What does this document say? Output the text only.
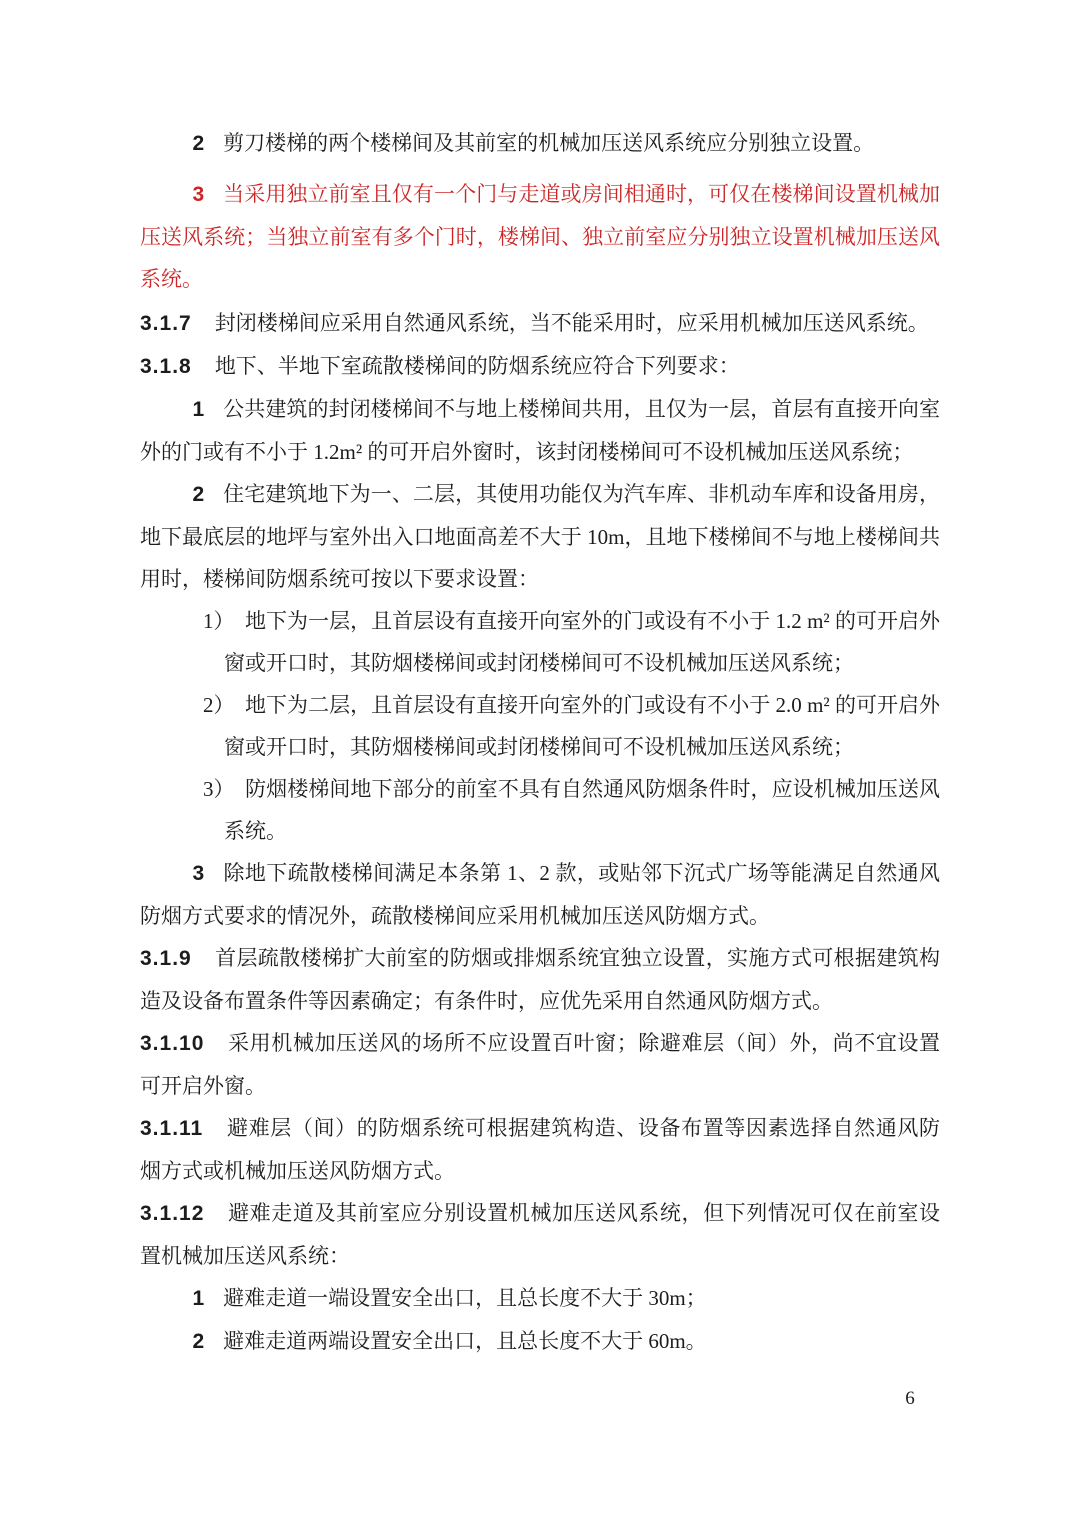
2 剪刀楼梯的两个楼梯间及其前室的机械加压送风系统应分别独立设置。

3 当采用独立前室且仅有一个门与走道或房间相通时，可仅在楼梯间设置机械加压送风系统；当独立前室有多个门时，楼梯间、独立前室应分别独立设置机械加压送风系统。

3.1.7 封闭楼梯间应采用自然通风系统，当不能采用时，应采用机械加压送风系统。

3.1.8 地下、半地下室疏散楼梯间的防烟系统应符合下列要求：

1 公共建筑的封闭楼梯间不与地上楼梯间共用，且仅为一层，首层有直接开向室外的门或有不小于 1.2m² 的可开启外窗时，该封闭楼梯间可不设机械加压送风系统；

2 住宅建筑地下为一、二层，其使用功能仅为汽车库、非机动车库和设备用房，地下最底层的地坪与室外出入口地面高差不大于 10m，且地下楼梯间不与地上楼梯间共用时，楼梯间防烟系统可按以下要求设置：

1） 地下为一层，且首层设有直接开向室外的门或设有不小于 1.2 m² 的可开启外窗或开口时，其防烟楼梯间或封闭楼梯间可不设机械加压送风系统；

2） 地下为二层，且首层设有直接开向室外的门或设有不小于 2.0 m² 的可开启外窗或开口时，其防烟楼梯间或封闭楼梯间可不设机械加压送风系统；

3） 防烟楼梯间地下部分的前室不具有自然通风防烟条件时，应设机械加压送风系统。

3 除地下疏散楼梯间满足本条第 1、2 款，或贴邻下沉式广场等能满足自然通风防烟方式要求的情况外，疏散楼梯间应采用机械加压送风防烟方式。

3.1.9 首层疏散楼梯扩大前室的防烟或排烟系统宜独立设置，实施方式可根据建筑构造及设备布置条件等因素确定；有条件时，应优先采用自然通风防烟方式。

3.1.10 采用机械加压送风的场所不应设置百叶窗；除避难层（间）外，尚不宜设置可开启外窗。

3.1.11 避难层（间）的防烟系统可根据建筑构造、设备布置等因素选择自然通风防烟方式或机械加压送风防烟方式。

3.1.12 避难走道及其前室应分别设置机械加压送风系统，但下列情况可仅在前室设置机械加压送风系统：

1 避难走道一端设置安全出口，且总长度不大于 30m；

2 避难走道两端设置安全出口，且总长度不大于 60m。

6
